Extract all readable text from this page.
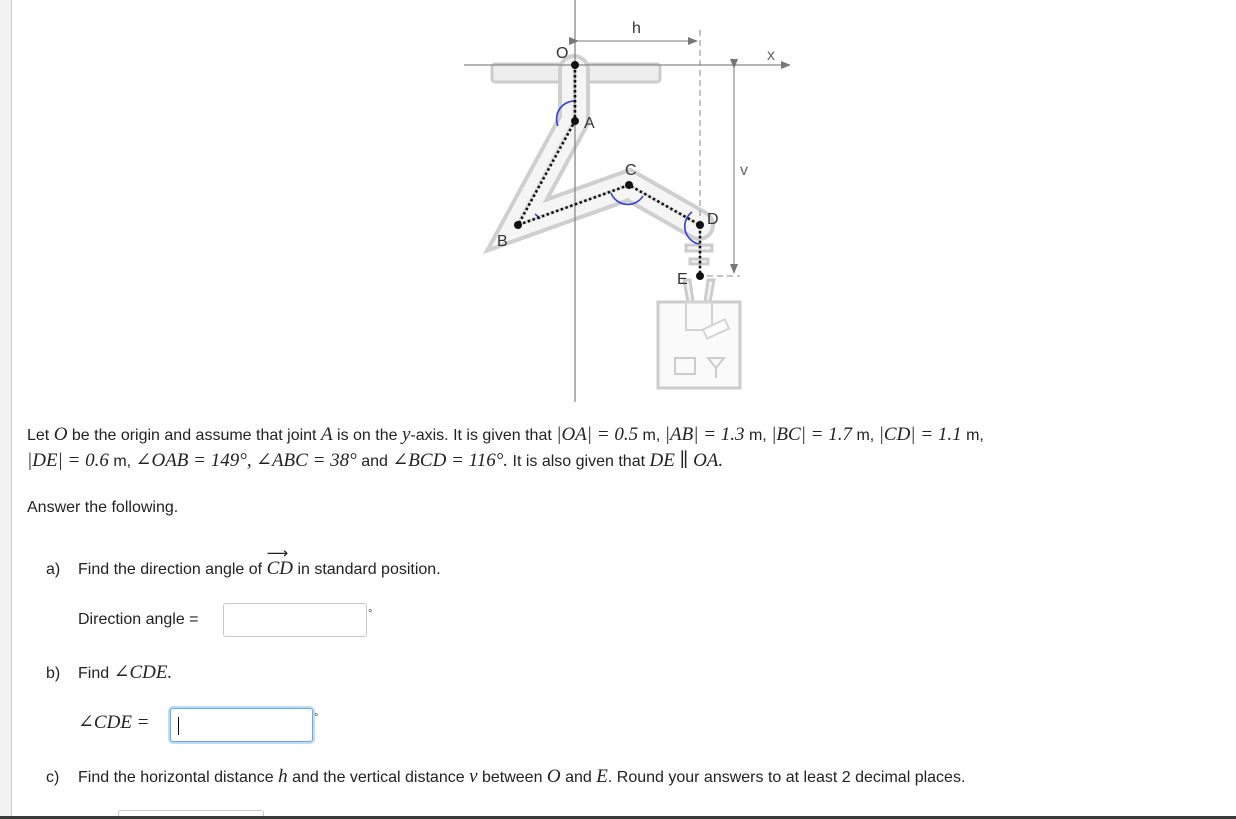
h
x
v
O
A
B
C
D
E
Let O be the origin and assume that joint A is on the y-axis. It is given that |OA| = 0.5 m, |AB| = 1.3 m, |BC| = 1.7 m, |CD| = 1.1 m,
|DE| = 0.6 m, ∠OAB = 149°, ∠ABC = 38° and ∠BCD = 116°. It is also given that DE ∥ OA.
Answer the following.
a) Find the direction angle of
⟶
CD in standard position.
Direction angle =	°
b) Find ∠CDE.
∠CDE =	°
c) Find the horizontal distance h and the vertical distance v between O and E. Round your answers to at least 2 decimal places.
